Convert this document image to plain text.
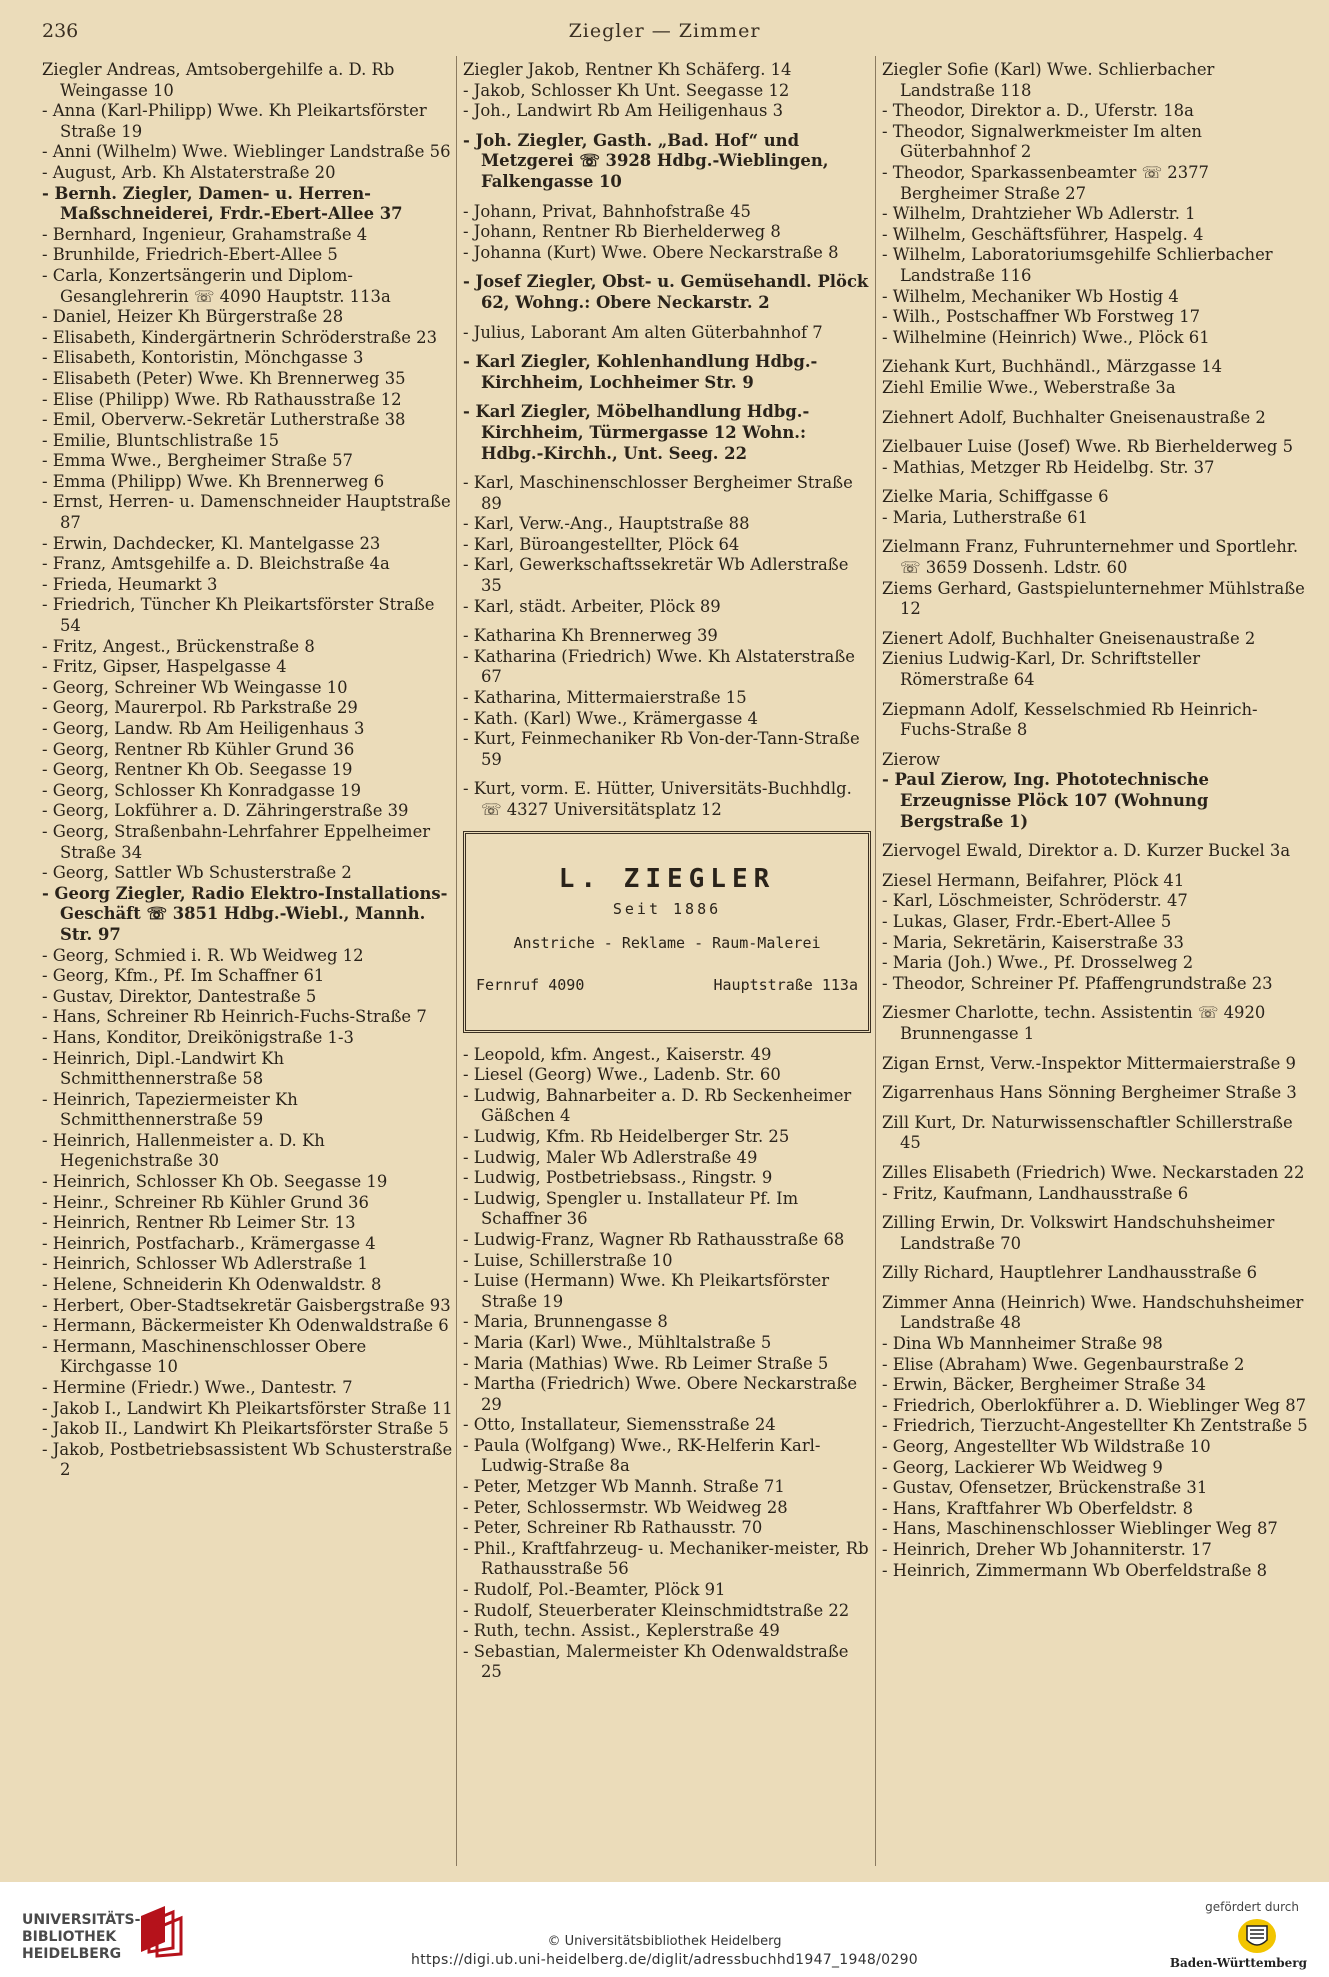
236	Ziegler — Zimmer

Ziegler Andreas, Amtsobergehilfe a. D. Rb Weingasse 10

- Anna (Karl-Philipp) Wwe. Kh Pleikartsförster Straße 19

- Anni (Wilhelm) Wwe. Wieblinger Landstraße 56

- August, Arb. Kh Alstaterstraße 20

- Bernh. Ziegler, Damen- u. Herren-Maßschneiderei, Frdr.-Ebert-Allee 37

- Bernhard, Ingenieur, Grahamstraße 4

- Brunhilde, Friedrich-Ebert-Allee 5

- Carla, Konzertsängerin und Diplom-Gesanglehrerin ☏ 4090 Hauptstr. 113a

- Daniel, Heizer Kh Bürgerstraße 28

- Elisabeth, Kindergärtnerin Schröderstraße 23

- Elisabeth, Kontoristin, Mönchgasse 3

- Elisabeth (Peter) Wwe. Kh Brennerweg 35

- Elise (Philipp) Wwe. Rb Rathausstraße 12

- Emil, Oberverw.-Sekretär Lutherstraße 38

- Emilie, Bluntschlistraße 15

- Emma Wwe., Bergheimer Straße 57

- Emma (Philipp) Wwe. Kh Brennerweg 6

- Ernst, Herren- u. Damenschneider Hauptstraße 87

- Erwin, Dachdecker, Kl. Mantelgasse 23

- Franz, Amtsgehilfe a. D. Bleichstraße 4a

- Frieda, Heumarkt 3

- Friedrich, Tüncher Kh Pleikartsförster Straße 54

- Fritz, Angest., Brückenstraße 8

- Fritz, Gipser, Haspelgasse 4

- Georg, Schreiner Wb Weingasse 10

- Georg, Maurerpol. Rb Parkstraße 29

- Georg, Landw. Rb Am Heiligenhaus 3

- Georg, Rentner Rb Kühler Grund 36

- Georg, Rentner Kh Ob. Seegasse 19

- Georg, Schlosser Kh Konradgasse 19

- Georg, Lokführer a. D. Zähringerstraße 39

- Georg, Straßenbahn-Lehrfahrer Eppelheimer Straße 34

- Georg, Sattler Wb Schusterstraße 2

- Georg Ziegler, Radio Elektro-Installations-Geschäft ☏ 3851 Hdbg.-Wiebl., Mannh. Str. 97

- Georg, Schmied i. R. Wb Weidweg 12

- Georg, Kfm., Pf. Im Schaffner 61

- Gustav, Direktor, Dantestraße 5

- Hans, Schreiner Rb Heinrich-Fuchs-Straße 7

- Hans, Konditor, Dreikönigstraße 1-3

- Heinrich, Dipl.-Landwirt Kh Schmitthennerstraße 58

- Heinrich, Tapeziermeister Kh Schmitthennerstraße 59

- Heinrich, Hallenmeister a. D. Kh Hegenichstraße 30

- Heinrich, Schlosser Kh Ob. Seegasse 19

- Heinr., Schreiner Rb Kühler Grund 36

- Heinrich, Rentner Rb Leimer Str. 13

- Heinrich, Postfacharb., Krämergasse 4

- Heinrich, Schlosser Wb Adlerstraße 1

- Helene, Schneiderin Kh Odenwaldstr. 8

- Herbert, Ober-Stadtsekretär Gaisbergstraße 93

- Hermann, Bäckermeister Kh Odenwaldstraße 6

- Hermann, Maschinenschlosser Obere Kirchgasse 10

- Hermine (Friedr.) Wwe., Dantestr. 7

- Jakob I., Landwirt Kh Pleikartsförster Straße 11

- Jakob II., Landwirt Kh Pleikartsförster Straße 5

- Jakob, Postbetriebsassistent Wb Schusterstraße 2

Ziegler Jakob, Rentner Kh Schäferg. 14

- Jakob, Schlosser Kh Unt. Seegasse 12

- Joh., Landwirt Rb Am Heiligenhaus 3

- Joh. Ziegler, Gasth. „Bad. Hof“ und Metzgerei ☏ 3928 Hdbg.-Wieblingen, Falkengasse 10

- Johann, Privat, Bahnhofstraße 45

- Johann, Rentner Rb Bierhelderweg 8

- Johanna (Kurt) Wwe. Obere Neckarstraße 8

- Josef Ziegler, Obst- u. Gemüsehandl. Plöck 62, Wohng.: Obere Neckarstr. 2

- Julius, Laborant Am alten Güterbahnhof 7

- Karl Ziegler, Kohlenhandlung Hdbg.-Kirchheim, Lochheimer Str. 9

- Karl Ziegler, Möbelhandlung Hdbg.-Kirchheim, Türmergasse 12 Wohn.: Hdbg.-Kirchh., Unt. Seeg. 22

- Karl, Maschinenschlosser Bergheimer Straße 89

- Karl, Verw.-Ang., Hauptstraße 88

- Karl, Büroangestellter, Plöck 64

- Karl, Gewerkschaftssekretär Wb Adlerstraße 35

- Karl, städt. Arbeiter, Plöck 89

- Katharina Kh Brennerweg 39

- Katharina (Friedrich) Wwe. Kh Alstaterstraße 67

- Katharina, Mittermaierstraße 15

- Kath. (Karl) Wwe., Krämergasse 4

- Kurt, Feinmechaniker Rb Von-der-Tann-Straße 59

- Kurt, vorm. E. Hütter, Universitäts-Buchhdlg. ☏ 4327 Universitätsplatz 12

L. ZIEGLER
Seit 1886
Anstriche - Reklame - Raum-Malerei
Fernruf 4090	Hauptstraße 113a

- Leopold, kfm. Angest., Kaiserstr. 49

- Liesel (Georg) Wwe., Ladenb. Str. 60

- Ludwig, Bahnarbeiter a. D. Rb Seckenheimer Gäßchen 4

- Ludwig, Kfm. Rb Heidelberger Str. 25

- Ludwig, Maler Wb Adlerstraße 49

- Ludwig, Postbetriebsass., Ringstr. 9

- Ludwig, Spengler u. Installateur Pf. Im Schaffner 36

- Ludwig-Franz, Wagner Rb Rathausstraße 68

- Luise, Schillerstraße 10

- Luise (Hermann) Wwe. Kh Pleikartsförster Straße 19

- Maria, Brunnengasse 8

- Maria (Karl) Wwe., Mühltalstraße 5

- Maria (Mathias) Wwe. Rb Leimer Straße 5

- Martha (Friedrich) Wwe. Obere Neckarstraße 29

- Otto, Installateur, Siemensstraße 24

- Paula (Wolfgang) Wwe., RK-Helferin Karl-Ludwig-Straße 8a

- Peter, Metzger Wb Mannh. Straße 71

- Peter, Schlossermstr. Wb Weidweg 28

- Peter, Schreiner Rb Rathausstr. 70

- Phil., Kraftfahrzeug- u. Mechaniker-meister, Rb Rathausstraße 56

- Rudolf, Pol.-Beamter, Plöck 91

- Rudolf, Steuerberater Kleinschmidtstraße 22

- Ruth, techn. Assist., Keplerstraße 49

- Sebastian, Malermeister Kh Odenwaldstraße 25

Ziegler Sofie (Karl) Wwe. Schlierbacher Landstraße 118

- Theodor, Direktor a. D., Uferstr. 18a

- Theodor, Signalwerkmeister Im alten Güterbahnhof 2

- Theodor, Sparkassenbeamter ☏ 2377 Bergheimer Straße 27

- Wilhelm, Drahtzieher Wb Adlerstr. 1

- Wilhelm, Geschäftsführer, Haspelg. 4

- Wilhelm, Laboratoriumsgehilfe Schlierbacher Landstraße 116

- Wilhelm, Mechaniker Wb Hostig 4

- Wilh., Postschaffner Wb Forstweg 17

- Wilhelmine (Heinrich) Wwe., Plöck 61

Ziehank Kurt, Buchhändl., Märzgasse 14

Ziehl Emilie Wwe., Weberstraße 3a

Ziehnert Adolf, Buchhalter Gneisenaustraße 2

Zielbauer Luise (Josef) Wwe. Rb Bierhelderweg 5

- Mathias, Metzger Rb Heidelbg. Str. 37

Zielke Maria, Schiffgasse 6

- Maria, Lutherstraße 61

Zielmann Franz, Fuhrunternehmer und Sportlehr. ☏ 3659 Dossenh. Ldstr. 60

Ziems Gerhard, Gastspielunternehmer Mühlstraße 12

Zienert Adolf, Buchhalter Gneisenaustraße 2

Zienius Ludwig-Karl, Dr. Schriftsteller Römerstraße 64

Ziepmann Adolf, Kesselschmied Rb Heinrich-Fuchs-Straße 8

Zierow

- Paul Zierow, Ing. Phototechnische Erzeugnisse Plöck 107 (Wohnung Bergstraße 1)

Ziervogel Ewald, Direktor a. D. Kurzer Buckel 3a

Ziesel Hermann, Beifahrer, Plöck 41

- Karl, Löschmeister, Schröderstr. 47

- Lukas, Glaser, Frdr.-Ebert-Allee 5

- Maria, Sekretärin, Kaiserstraße 33

- Maria (Joh.) Wwe., Pf. Drosselweg 2

- Theodor, Schreiner Pf. Pfaffengrundstraße 23

Ziesmer Charlotte, techn. Assistentin ☏ 4920 Brunnengasse 1

Zigan Ernst, Verw.-Inspektor Mittermaierstraße 9

Zigarrenhaus Hans Sönning Bergheimer Straße 3

Zill Kurt, Dr. Naturwissenschaftler Schillerstraße 45

Zilles Elisabeth (Friedrich) Wwe. Neckarstaden 22

- Fritz, Kaufmann, Landhausstraße 6

Zilling Erwin, Dr. Volkswirt Handschuhsheimer Landstraße 70

Zilly Richard, Hauptlehrer Landhausstraße 6

Zimmer Anna (Heinrich) Wwe. Handschuhsheimer Landstraße 48

- Dina Wb Mannheimer Straße 98

- Elise (Abraham) Wwe. Gegenbaurstraße 2

- Erwin, Bäcker, Bergheimer Straße 34

- Friedrich, Oberlokführer a. D. Wieblinger Weg 87

- Friedrich, Tierzucht-Angestellter Kh Zentstraße 5

- Georg, Angestellter Wb Wildstraße 10

- Georg, Lackierer Wb Weidweg 9

- Gustav, Ofensetzer, Brückenstraße 31

- Hans, Kraftfahrer Wb Oberfeldstr. 8

- Hans, Maschinenschlosser Wieblinger Weg 87

- Heinrich, Dreher Wb Johanniterstr. 17

- Heinrich, Zimmermann Wb Oberfeldstraße 8

UNIVERSITÄTS-
BIBLIOTHEK
HEIDELBERG
© Universitätsbibliothek Heidelberg
https://digi.ub.uni-heidelberg.de/diglit/adressbuchhd1947_1948/0290
gefördert durch
Baden-Württemberg
